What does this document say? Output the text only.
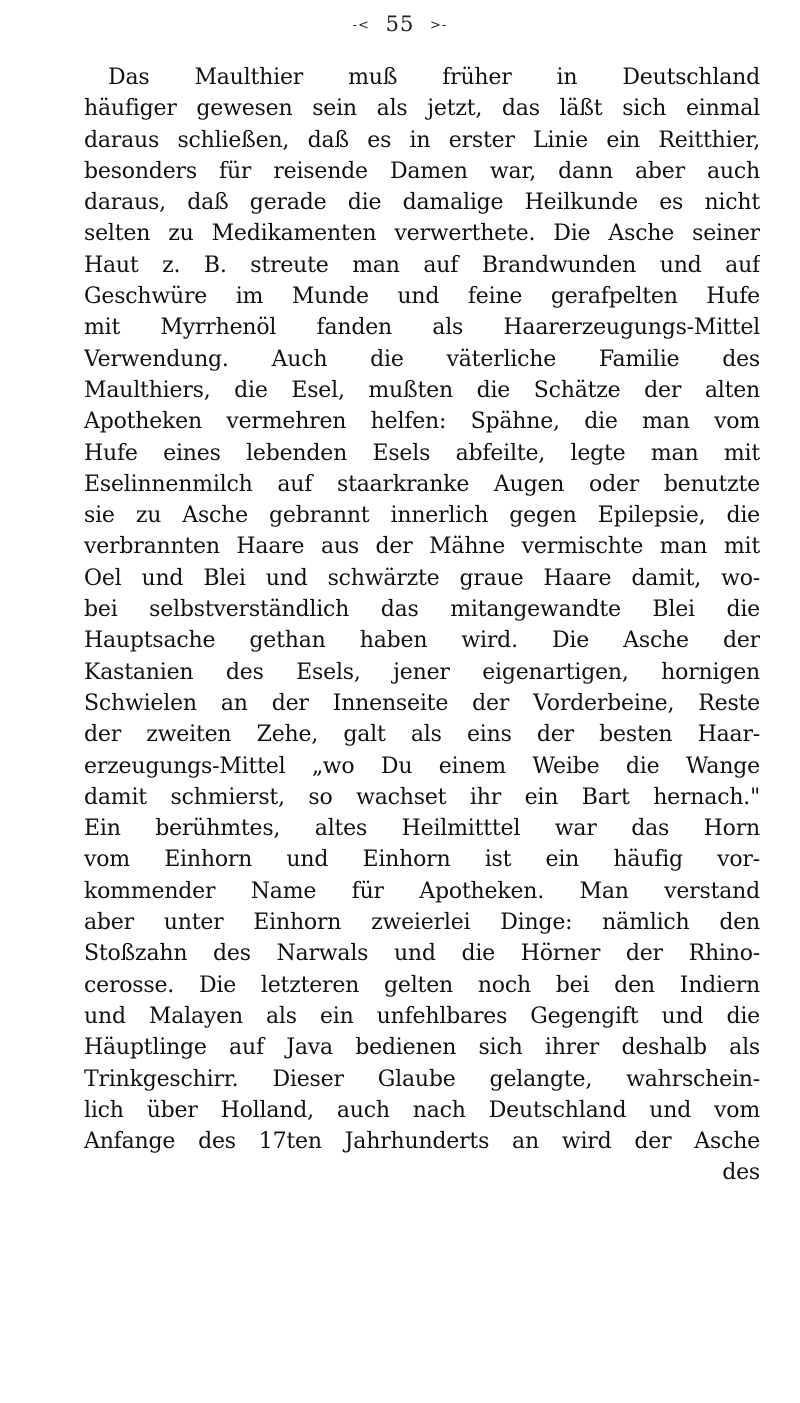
-< 55 >-
Das Maulthier muß früher in Deutschland
häufiger gewesen sein als jetzt, das läßt sich einmal
daraus schließen, daß es in erster Linie ein Reitthier,
besonders für reisende Damen war, dann aber auch
daraus, daß gerade die damalige Heilkunde es nicht
selten zu Medikamenten verwerthete. Die Asche seiner
Haut z. B. streute man auf Brandwunden und auf
Geschwüre im Munde und feine gerafpelten Hufe
mit Myrrhenöl fanden als Haarerzeugungs-Mittel
Verwendung. Auch die väterliche Familie des
Maulthiers, die Esel, mußten die Schätze der alten
Apotheken vermehren helfen: Spähne, die man vom
Hufe eines lebenden Esels abfeilte, legte man mit
Eselinnenmilch auf staarkranke Augen oder benutzte
sie zu Asche gebrannt innerlich gegen Epilepsie, die
verbrannten Haare aus der Mähne vermischte man mit
Oel und Blei und schwärzte graue Haare damit, wo-
bei selbstverständlich das mitangewandte Blei die
Hauptsache gethan haben wird. Die Asche der
Kastanien des Esels, jener eigenartigen, hornigen
Schwielen an der Innenseite der Vorderbeine, Reste
der zweiten Zehe, galt als eins der besten Haar-
erzeugungs-Mittel „wo Du einem Weibe die Wange
damit schmierst, so wachset ihr ein Bart hernach."
Ein berühmtes, altes Heilmitttel war das Horn
vom Einhorn und Einhorn ist ein häufig vor-
kommender Name für Apotheken. Man verstand
aber unter Einhorn zweierlei Dinge: nämlich den
Stoßzahn des Narwals und die Hörner der Rhino-
cerosse. Die letzteren gelten noch bei den Indiern
und Malayen als ein unfehlbares Gegengift und die
Häuptlinge auf Java bedienen sich ihrer deshalb als
Trinkgeschirr. Dieser Glaube gelangte, wahrschein-
lich über Holland, auch nach Deutschland und vom
Anfange des 17ten Jahrhunderts an wird der Asche
des
